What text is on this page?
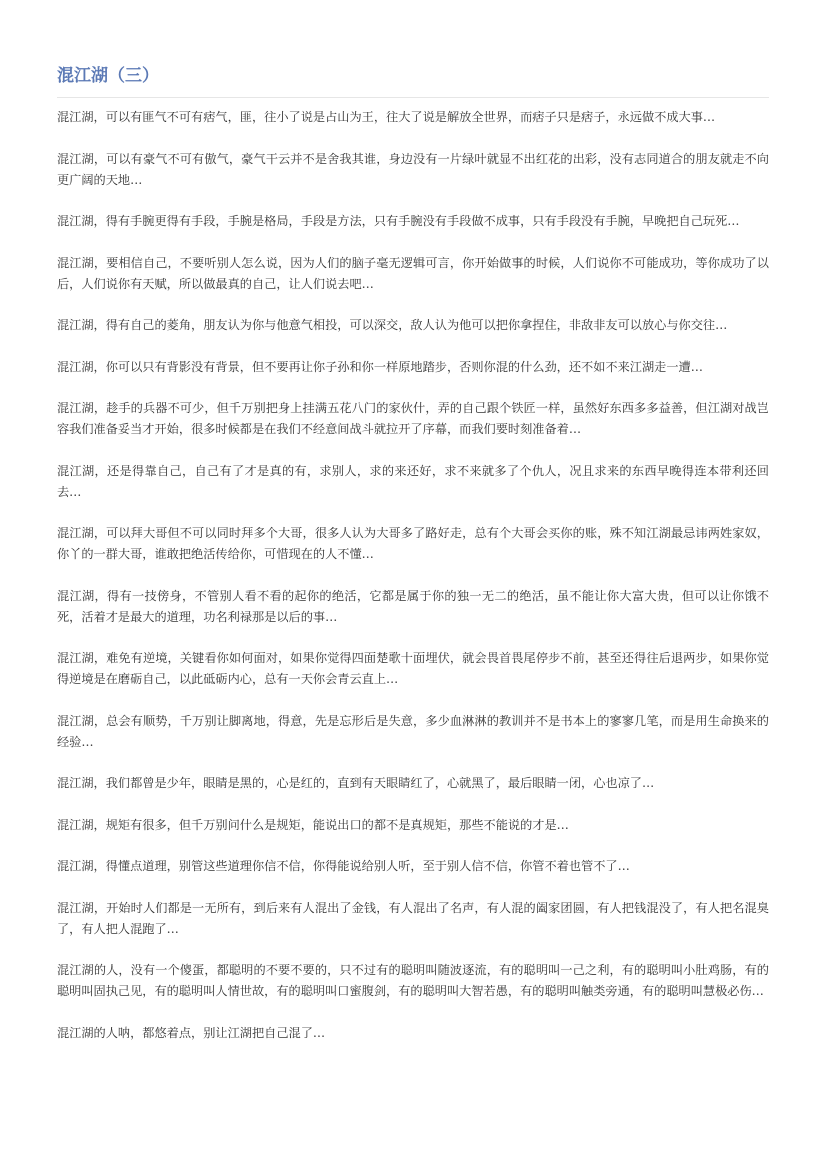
混江湖（三）

混江湖，可以有匪气不可有痞气，匪，往小了说是占山为王，往大了说是解放全世界，而痞子只是痞子，永远做不成大事…

混江湖，可以有豪气不可有傲气，豪气干云并不是舍我其谁，身边没有一片绿叶就显不出红花的出彩，没有志同道合的朋友就走不向更广阔的天地…

混江湖，得有手腕更得有手段，手腕是格局，手段是方法，只有手腕没有手段做不成事，只有手段没有手腕，早晚把自己玩死…

混江湖，要相信自己，不要听别人怎么说，因为人们的脑子毫无逻辑可言，你开始做事的时候，人们说你不可能成功，等你成功了以后，人们说你有天赋，所以做最真的自己，让人们说去吧…

混江湖，得有自己的菱角，朋友认为你与他意气相投，可以深交，敌人认为他可以把你拿捏住，非敌非友可以放心与你交往…

混江湖，你可以只有背影没有背景，但不要再让你子孙和你一样原地踏步，否则你混的什么劲，还不如不来江湖走一遭…

混江湖，趁手的兵器不可少，但千万别把身上挂满五花八门的家伙什，弄的自己跟个铁匠一样，虽然好东西多多益善，但江湖对战岂容我们准备妥当才开始，很多时候都是在我们不经意间战斗就拉开了序幕，而我们要时刻准备着…

混江湖，还是得靠自己，自己有了才是真的有，求别人，求的来还好，求不来就多了个仇人，况且求来的东西早晚得连本带利还回去…

混江湖，可以拜大哥但不可以同时拜多个大哥，很多人认为大哥多了路好走，总有个大哥会买你的账，殊不知江湖最忌讳两姓家奴，你丫的一群大哥，谁敢把绝活传给你，可惜现在的人不懂…

混江湖，得有一技傍身，不管别人看不看的起你的绝活，它都是属于你的独一无二的绝活，虽不能让你大富大贵，但可以让你饿不死，活着才是最大的道理，功名利禄那是以后的事…

混江湖，难免有逆境，关键看你如何面对，如果你觉得四面楚歌十面埋伏，就会畏首畏尾停步不前，甚至还得往后退两步，如果你觉得逆境是在磨砺自己，以此砥砺内心，总有一天你会青云直上…

混江湖，总会有顺势，千万别让脚离地，得意，先是忘形后是失意，多少血淋淋的教训并不是书本上的寥寥几笔，而是用生命换来的经验…

混江湖，我们都曾是少年，眼睛是黑的，心是红的，直到有天眼睛红了，心就黑了，最后眼睛一闭，心也凉了…

混江湖，规矩有很多，但千万别问什么是规矩，能说出口的都不是真规矩，那些不能说的才是…

混江湖，得懂点道理，别管这些道理你信不信，你得能说给别人听，至于别人信不信，你管不着也管不了…

混江湖，开始时人们都是一无所有，到后来有人混出了金钱，有人混出了名声，有人混的阖家团圆，有人把钱混没了，有人把名混臭了，有人把人混跑了…

混江湖的人，没有一个傻蛋，都聪明的不要不要的，只不过有的聪明叫随波逐流，有的聪明叫一己之利，有的聪明叫小肚鸡肠，有的聪明叫固执己见，有的聪明叫人情世故，有的聪明叫口蜜腹剑，有的聪明叫大智若愚，有的聪明叫触类旁通，有的聪明叫慧极必伤…

混江湖的人呐，都悠着点，别让江湖把自己混了…
